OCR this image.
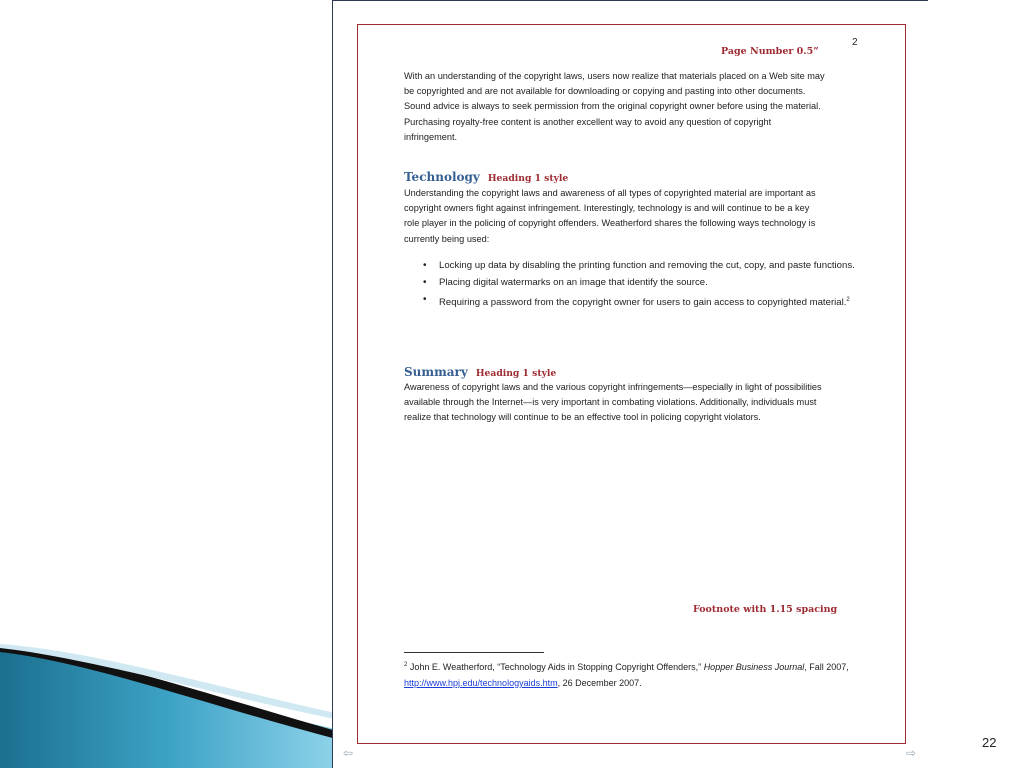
2
Page Number 0.5”
With an understanding of the copyright laws, users now realize that materials placed on a Web site may
be copyrighted and are not available for downloading or copying and pasting into other documents.
Sound advice is always to seek permission from the original copyright owner before using the material.
Purchasing royalty-free content is another excellent way to avoid any question of copyright
infringement.
Technology Heading 1 style
Understanding the copyright laws and awareness of all types of copyrighted material are important as
copyright owners fight against infringement. Interestingly, technology is and will continue to be a key
role player in the policing of copyright offenders. Weatherford shares the following ways technology is
currently being used:
• Locking up data by disabling the printing function and removing the cut, copy, and paste functions.
• Placing digital watermarks on an image that identify the source.
• Requiring a password from the copyright owner for users to gain access to copyrighted material.$^2$
Summary Heading 1 style
Awareness of copyright laws and the various copyright infringements—especially in light of possibilities
available through the Internet—is very important in combating violations. Additionally, individuals must
realize that technology will continue to be an effective tool in policing copyright violators.
Footnote with 1.15 spacing

$^2$ John E. Weatherford, “Technology Aids in Stopping Copyright Offenders,” Hopper Business Journal, Fall 2007, http://www.hpj.edu/technologyaids.htm, 26 December 2007.

⇦	⇨
22
